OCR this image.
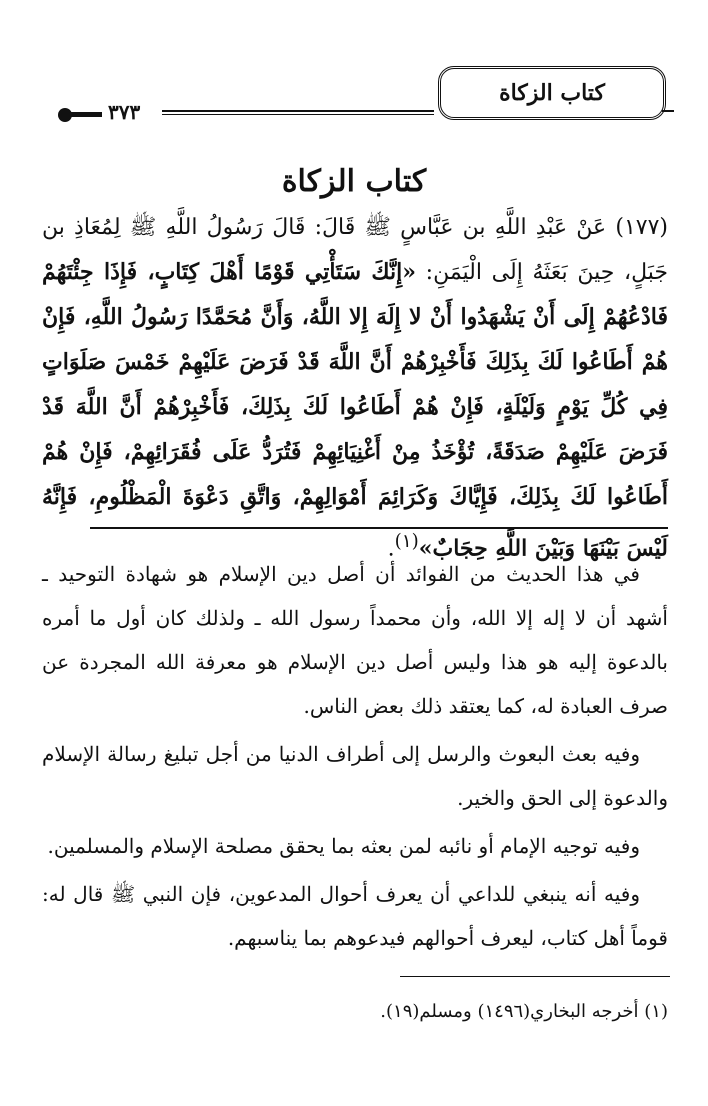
٣٧٣
كتاب الزكاة
كتاب الزكاة
(١٧٧) عَنْ عَبْدِ اللَّهِ بن عَبَّاسٍ ﷺ قَالَ: قَالَ رَسُولُ اللَّهِ ﷺ لِمُعَاذِ بن جَبَلٍ، حِينَ بَعَثَهُ إِلَى الْيَمَنِ: «إِنَّكَ سَتَأْتِي قَوْمًا أَهْلَ كِتَابٍ، فَإِذَا جِئْتَهُمْ فَادْعُهُمْ إِلَى أَنْ يَشْهَدُوا أَنْ لا إِلَهَ إِلا اللَّهُ، وَأَنَّ مُحَمَّدًا رَسُولُ اللَّهِ، فَإِنْ هُمْ أَطَاعُوا لَكَ بِذَلِكَ فَأَخْبِرْهُمْ أَنَّ اللَّهَ قَدْ فَرَضَ عَلَيْهِمْ خَمْسَ صَلَوَاتٍ فِي كُلِّ يَوْمٍ وَلَيْلَةٍ، فَإِنْ هُمْ أَطَاعُوا لَكَ بِذَلِكَ، فَأَخْبِرْهُمْ أَنَّ اللَّهَ قَدْ فَرَضَ عَلَيْهِمْ صَدَقَةً، تُؤْخَذُ مِنْ أَغْنِيَائِهِمْ فَتُرَدُّ عَلَى فُقَرَائِهِمْ، فَإِنْ هُمْ أَطَاعُوا لَكَ بِذَلِكَ، فَإِيَّاكَ وَكَرَائِمَ أَمْوَالِهِمْ، وَاتَّقِ دَعْوَةَ الْمَظْلُومِ، فَإِنَّهُ لَيْسَ بَيْنَهَا وَبَيْنَ اللَّهِ حِجَابٌ»$^{(١)}$.

في هذا الحديث من الفوائد أن أصل دين الإسلام هو شهادة التوحيد ـ أشهد أن لا إله إلا الله، وأن محمداً رسول الله ـ ولذلك كان أول ما أمره بالدعوة إليه هو هذا وليس أصل دين الإسلام هو معرفة الله المجردة عن صرف العبادة له، كما يعتقد ذلك بعض الناس.

وفيه بعث البعوث والرسل إلى أطراف الدنيا من أجل تبليغ رسالة الإسلام والدعوة إلى الحق والخير.

وفيه توجيه الإمام أو نائبه لمن بعثه بما يحقق مصلحة الإسلام والمسلمين.

وفيه أنه ينبغي للداعي أن يعرف أحوال المدعوين، فإن النبي ﷺ قال له: قوماً أهل كتاب، ليعرف أحوالهم فيدعوهم بما يناسبهم.

(١) أخرجه البخاري(١٤٩٦) ومسلم(١٩).
